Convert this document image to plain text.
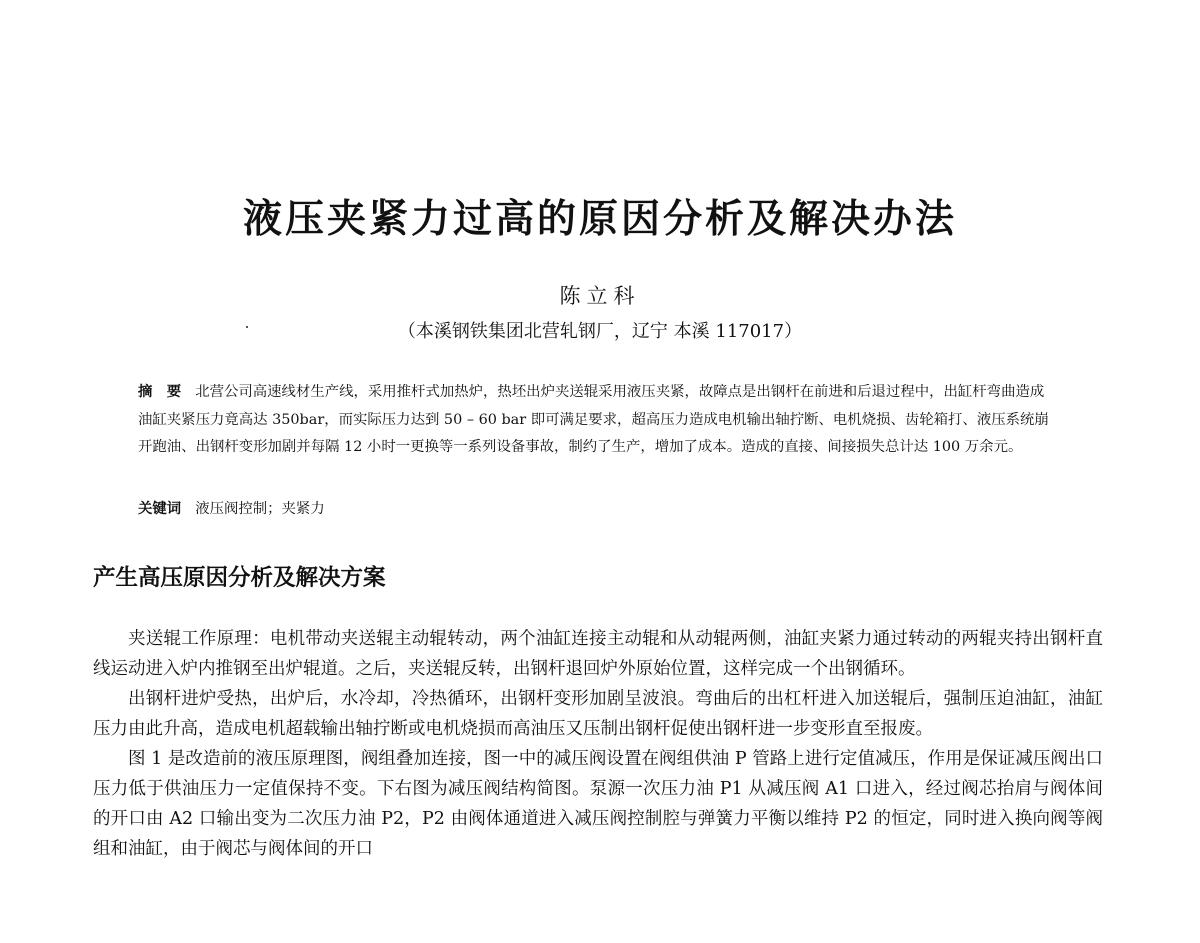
液压夹紧力过高的原因分析及解决办法
陈立科
（本溪钢铁集团北营轧钢厂，辽宁 本溪 117017）

摘　要 北营公司高速线材生产线，采用推杆式加热炉，热坯出炉夹送辊采用液压夹紧，故障点是出钢杆在前进和后退过程中，出缸杆弯曲造成油缸夹紧压力竟高达 350bar，而实际压力达到 50 – 60 bar 即可满足要求，超高压力造成电机输出轴拧断、电机烧损、齿轮箱打、液压系统崩开跑油、出钢杆变形加剧并每隔 12 小时一更换等一系列设备事故，制约了生产，增加了成本。造成的直接、间接损失总计达 100 万余元。

关键词 液压阀控制；夹紧力

产生高压原因分析及解决方案

夹送辊工作原理：电机带动夹送辊主动辊转动，两个油缸连接主动辊和从动辊两侧，油缸夹紧力通过转动的两辊夹持出钢杆直线运动进入炉内推钢至出炉辊道。之后，夹送辊反转，出钢杆退回炉外原始位置，这样完成一个出钢循环。

出钢杆进炉受热，出炉后，水冷却，冷热循环，出钢杆变形加剧呈波浪。弯曲后的出杠杆进入加送辊后，强制压迫油缸，油缸压力由此升高，造成电机超载输出轴拧断或电机烧损而高油压又压制出钢杆促使出钢杆进一步变形直至报废。

图 1 是改造前的液压原理图，阀组叠加连接，图一中的减压阀设置在阀组供油 P 管路上进行定值减压，作用是保证减压阀出口压力低于供油压力一定值保持不变。下右图为减压阀结构简图。泵源一次压力油 P1 从减压阀 A1 口进入，经过阀芯抬肩与阀体间的开口由 A2 口输出变为二次压力油 P2，P2 由阀体通道进入减压阀控制腔与弹簧力平衡以维持 P2 的恒定，同时进入换向阀等阀组和油缸，由于阀芯与阀体间的开口
